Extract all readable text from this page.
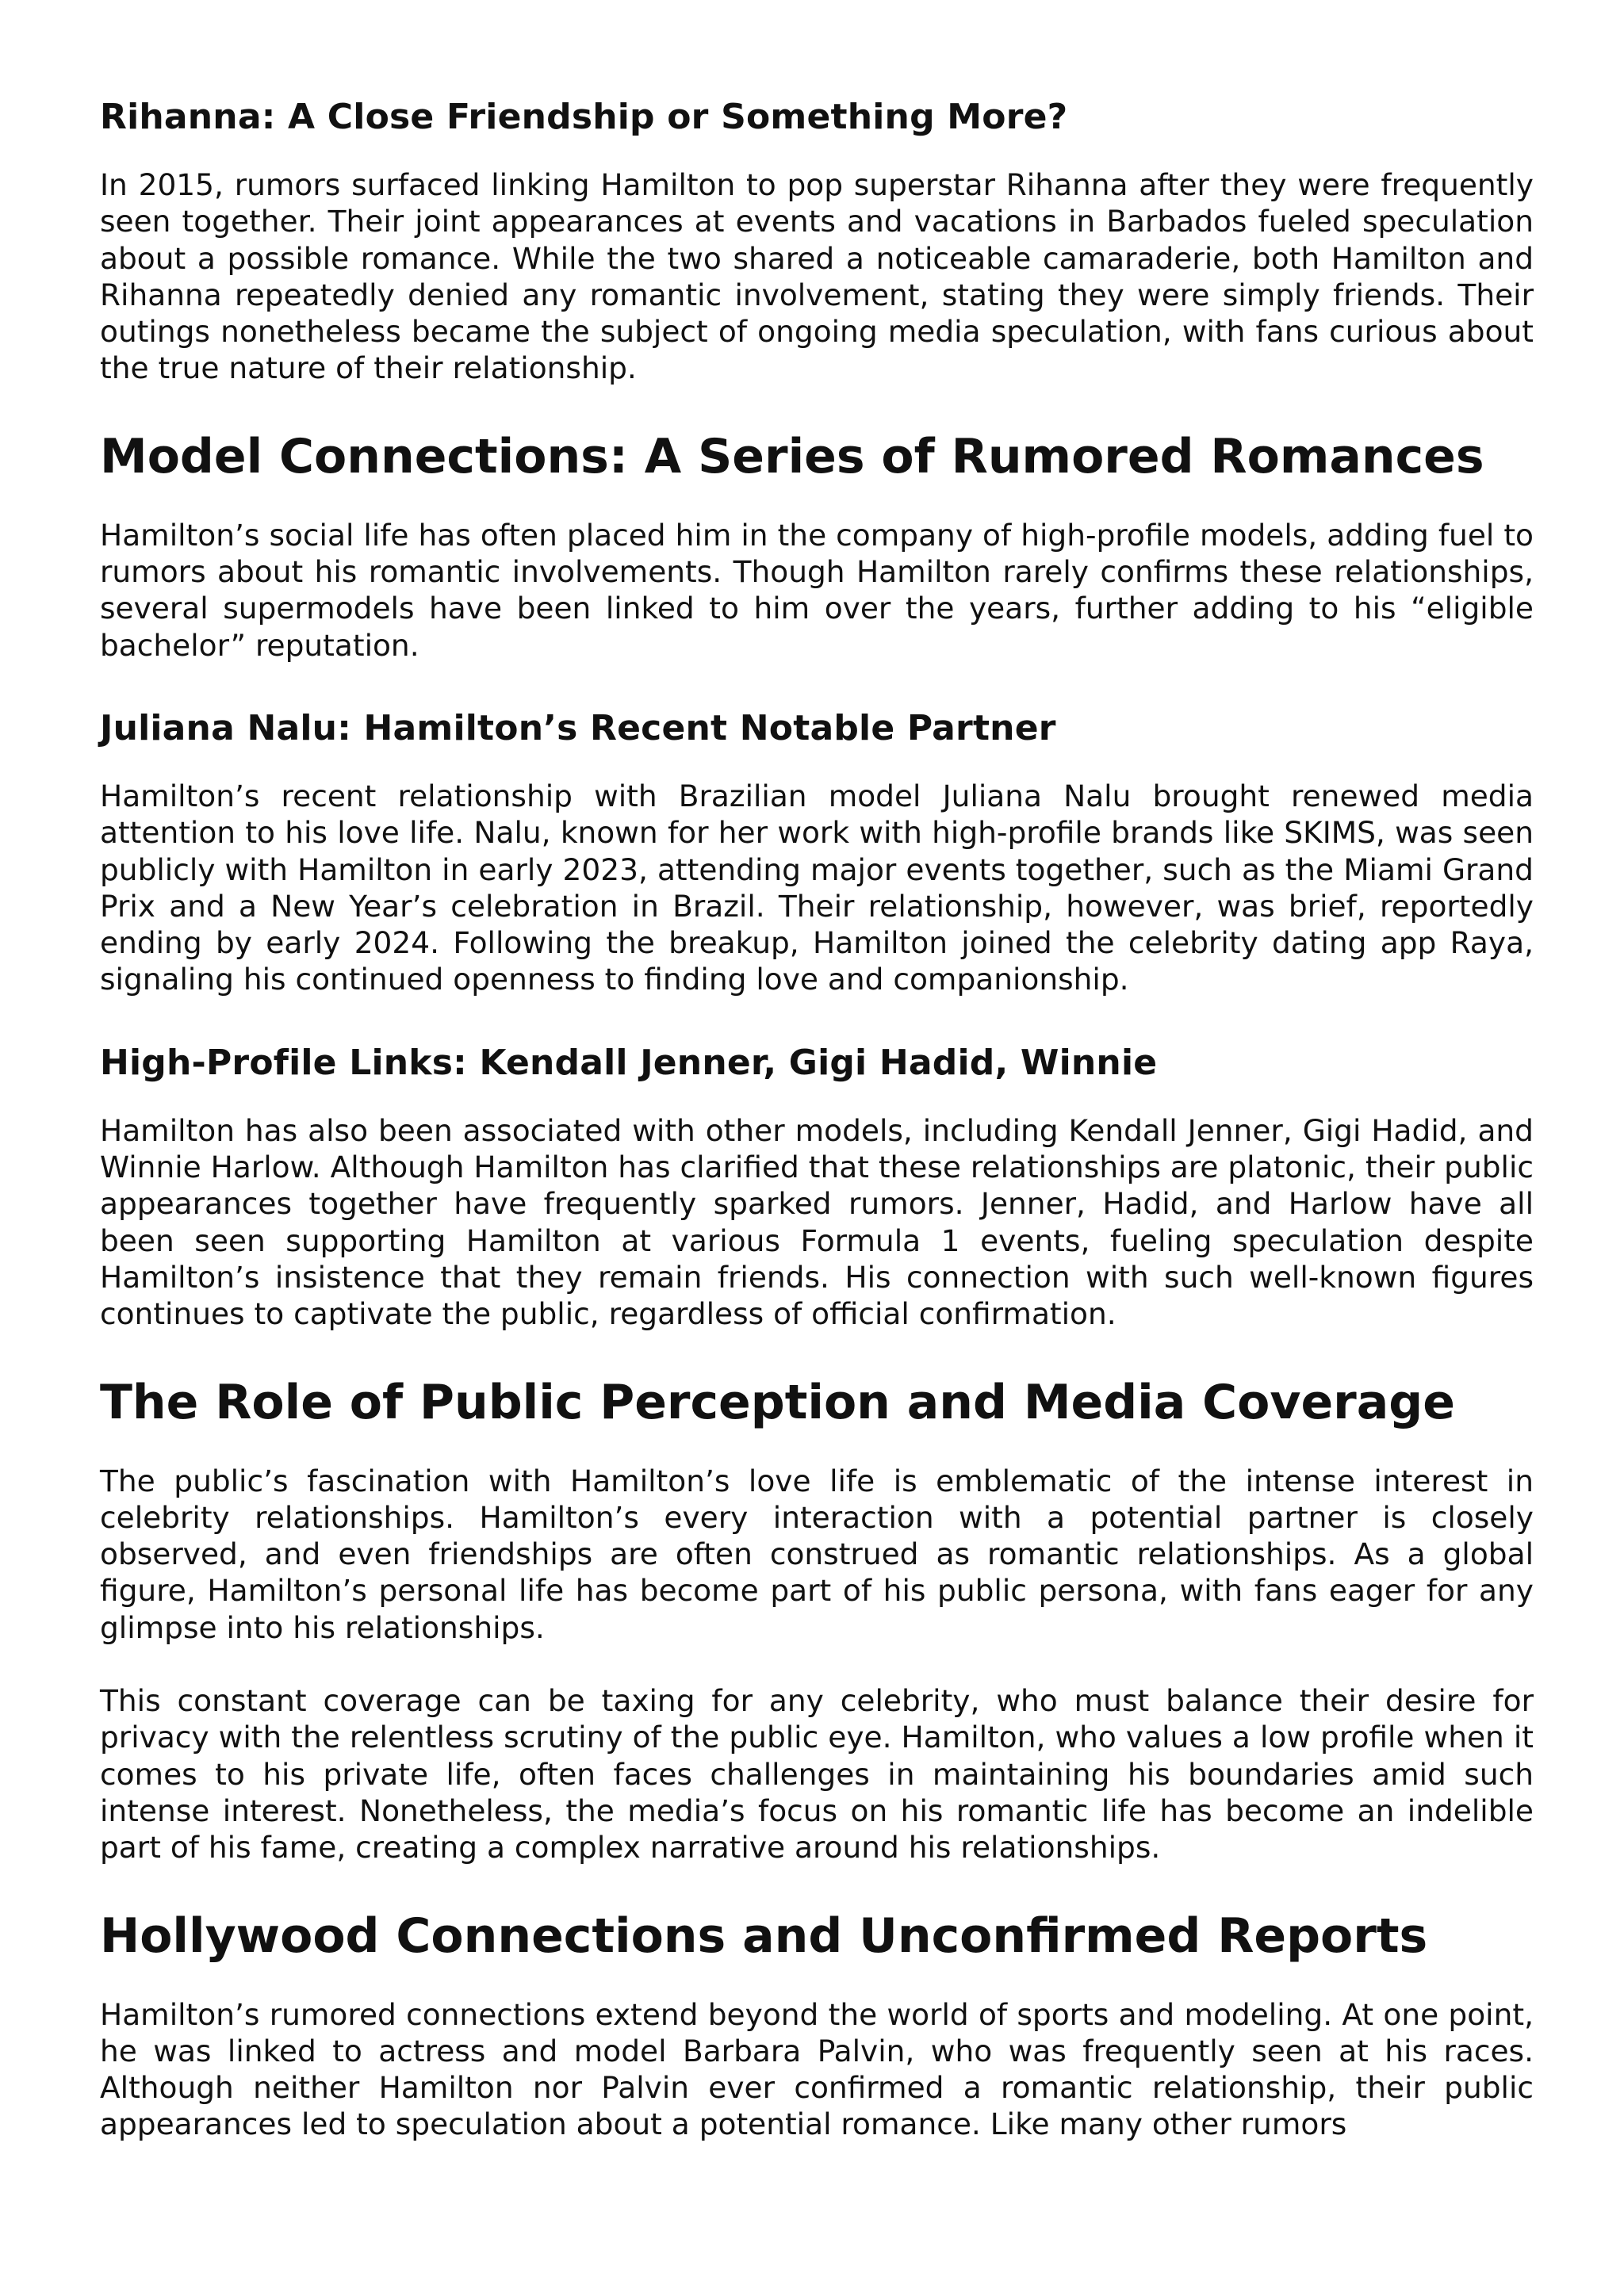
Rihanna: A Close Friendship or Something More?

In 2015, rumors surfaced linking Hamilton to pop superstar Rihanna after they were frequently seen together. Their joint appearances at events and vacations in Barbados fueled speculation about a possible romance. While the two shared a noticeable camaraderie, both Hamilton and Rihanna repeatedly denied any romantic involvement, stating they were simply friends. Their outings nonetheless became the subject of ongoing media speculation, with fans curious about the true nature of their relationship.

Model Connections: A Series of Rumored Romances

Hamilton’s social life has often placed him in the company of high-profile models, adding fuel to rumors about his romantic involvements. Though Hamilton rarely confirms these relationships, several supermodels have been linked to him over the years, further adding to his “eligible bachelor” reputation.

Juliana Nalu: Hamilton’s Recent Notable Partner

Hamilton’s recent relationship with Brazilian model Juliana Nalu brought renewed media attention to his love life. Nalu, known for her work with high-profile brands like SKIMS, was seen publicly with Hamilton in early 2023, attending major events together, such as the Miami Grand Prix and a New Year’s celebration in Brazil. Their relationship, however, was brief, reportedly ending by early 2024. Following the breakup, Hamilton joined the celebrity dating app Raya, signaling his continued openness to finding love and companionship.

High-Profile Links: Kendall Jenner, Gigi Hadid, Winnie

Hamilton has also been associated with other models, including Kendall Jenner, Gigi Hadid, and Winnie Harlow. Although Hamilton has clarified that these relationships are platonic, their public appearances together have frequently sparked rumors. Jenner, Hadid, and Harlow have all been seen supporting Hamilton at various Formula 1 events, fueling speculation despite Hamilton’s insistence that they remain friends. His connection with such well-known figures continues to captivate the public, regardless of official confirmation.

The Role of Public Perception and Media Coverage

The public’s fascination with Hamilton’s love life is emblematic of the intense interest in celebrity relationships. Hamilton’s every interaction with a potential partner is closely observed, and even friendships are often construed as romantic relationships. As a global figure, Hamilton’s personal life has become part of his public persona, with fans eager for any glimpse into his relationships.

This constant coverage can be taxing for any celebrity, who must balance their desire for privacy with the relentless scrutiny of the public eye. Hamilton, who values a low profile when it comes to his private life, often faces challenges in maintaining his boundaries amid such intense interest. Nonetheless, the media’s focus on his romantic life has become an indelible part of his fame, creating a complex narrative around his relationships.

Hollywood Connections and Unconfirmed Reports

Hamilton’s rumored connections extend beyond the world of sports and modeling. At one point, he was linked to actress and model Barbara Palvin, who was frequently seen at his races. Although neither Hamilton nor Palvin ever confirmed a romantic relationship, their public appearances led to speculation about a potential romance. Like many other rumors
